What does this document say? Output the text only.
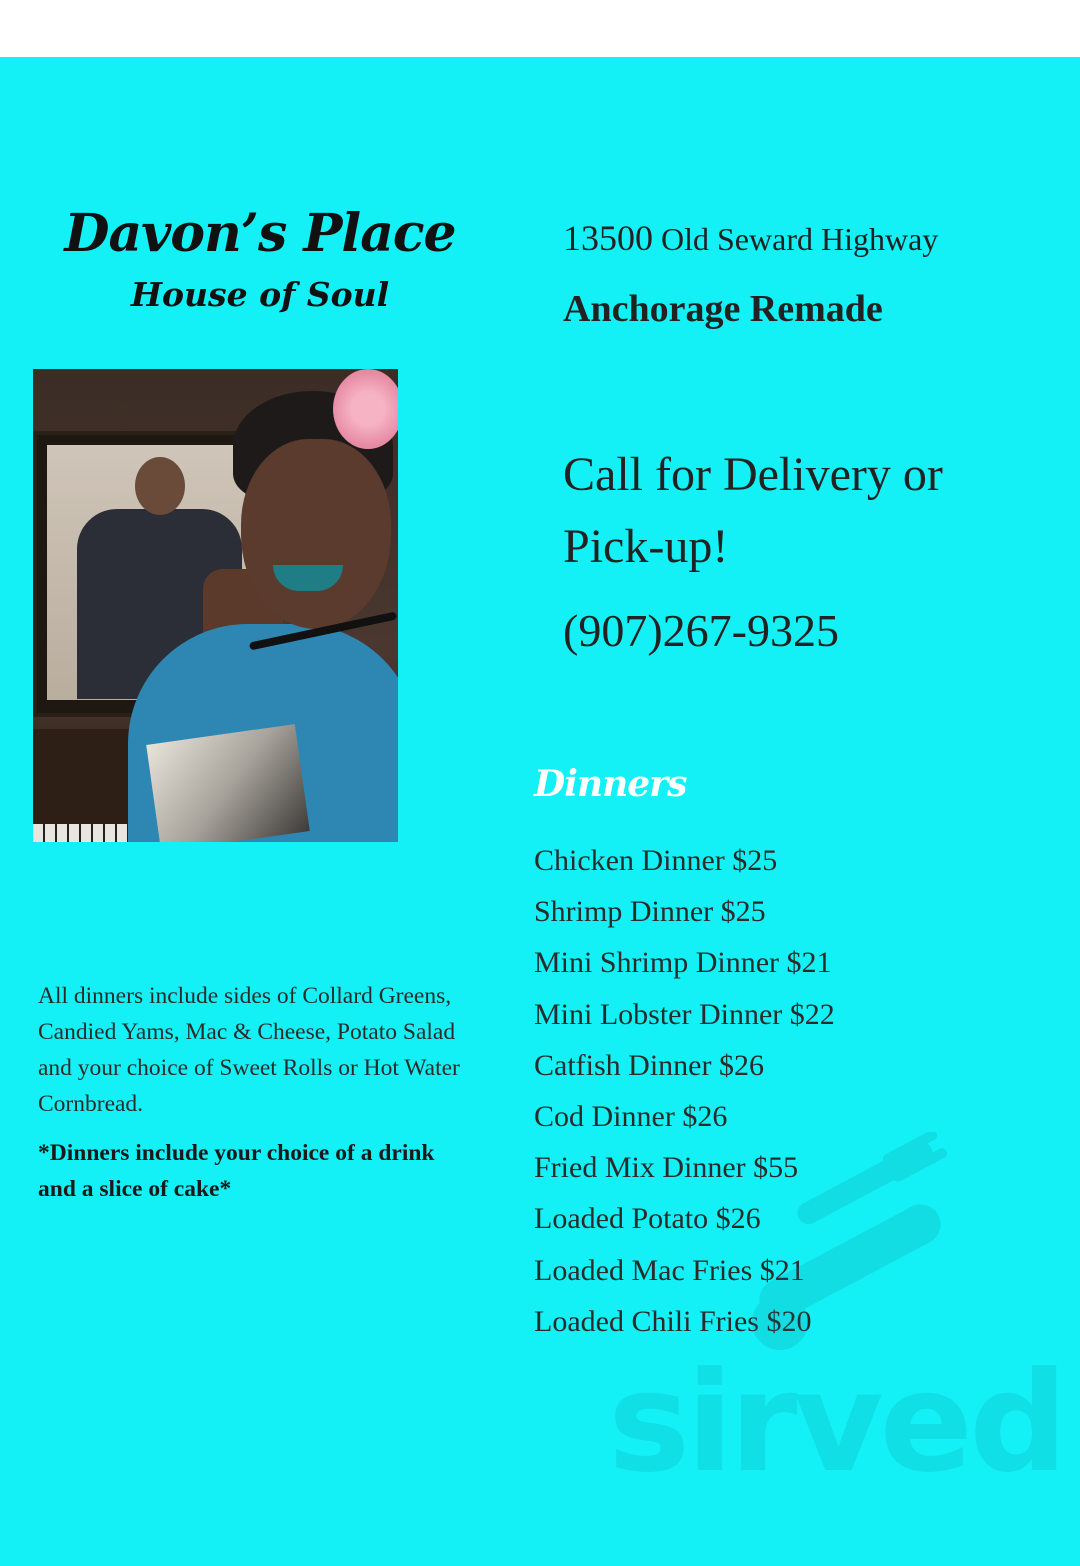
Davon’s Place
House of Soul
13500 Old Seward Highway
Anchorage Remade
Call for Delivery or Pick-up!
(907)267-9325
All dinners include sides of Collard Greens, Candied Yams, Mac & Cheese, Potato Salad and your choice of Sweet Rolls or Hot Water Cornbread.
*Dinners include your choice of a drink and a slice of cake*
Dinners
Chicken Dinner $25
Shrimp Dinner $25
Mini Shrimp Dinner $21
Mini Lobster Dinner $22
Catfish Dinner $26
Cod Dinner $26
Fried Mix Dinner $55
Loaded Potato $26
Loaded Mac Fries $21
Loaded Chili Fries $20
sirved
